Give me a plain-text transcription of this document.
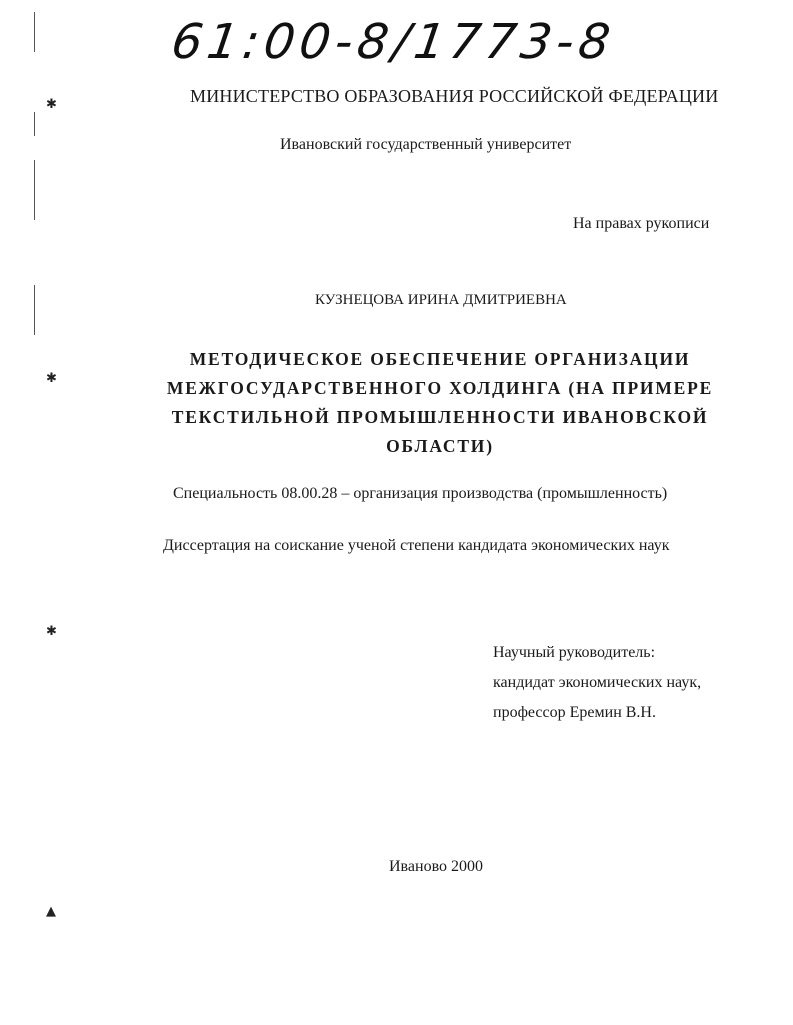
✱
✱
✱
▲
61:00-8/1773-8
МИНИСТЕРСТВО ОБРАЗОВАНИЯ РОССИЙСКОЙ ФЕДЕРАЦИИ
Ивановский государственный университет
На правах рукописи
КУЗНЕЦОВА ИРИНА ДМИТРИЕВНА
МЕТОДИЧЕСКОЕ ОБЕСПЕЧЕНИЕ ОРГАНИЗАЦИИ
МЕЖГОСУДАРСТВЕННОГО ХОЛДИНГА (НА ПРИМЕРЕ
ТЕКСТИЛЬНОЙ ПРОМЫШЛЕННОСТИ ИВАНОВСКОЙ
ОБЛАСТИ)
Специальность 08.00.28 – организация производства (промышленность)
Диссертация на соискание ученой степени кандидата экономических наук
Научный руководитель:
кандидат экономических наук,
профессор Еремин В.Н.
Иваново 2000
